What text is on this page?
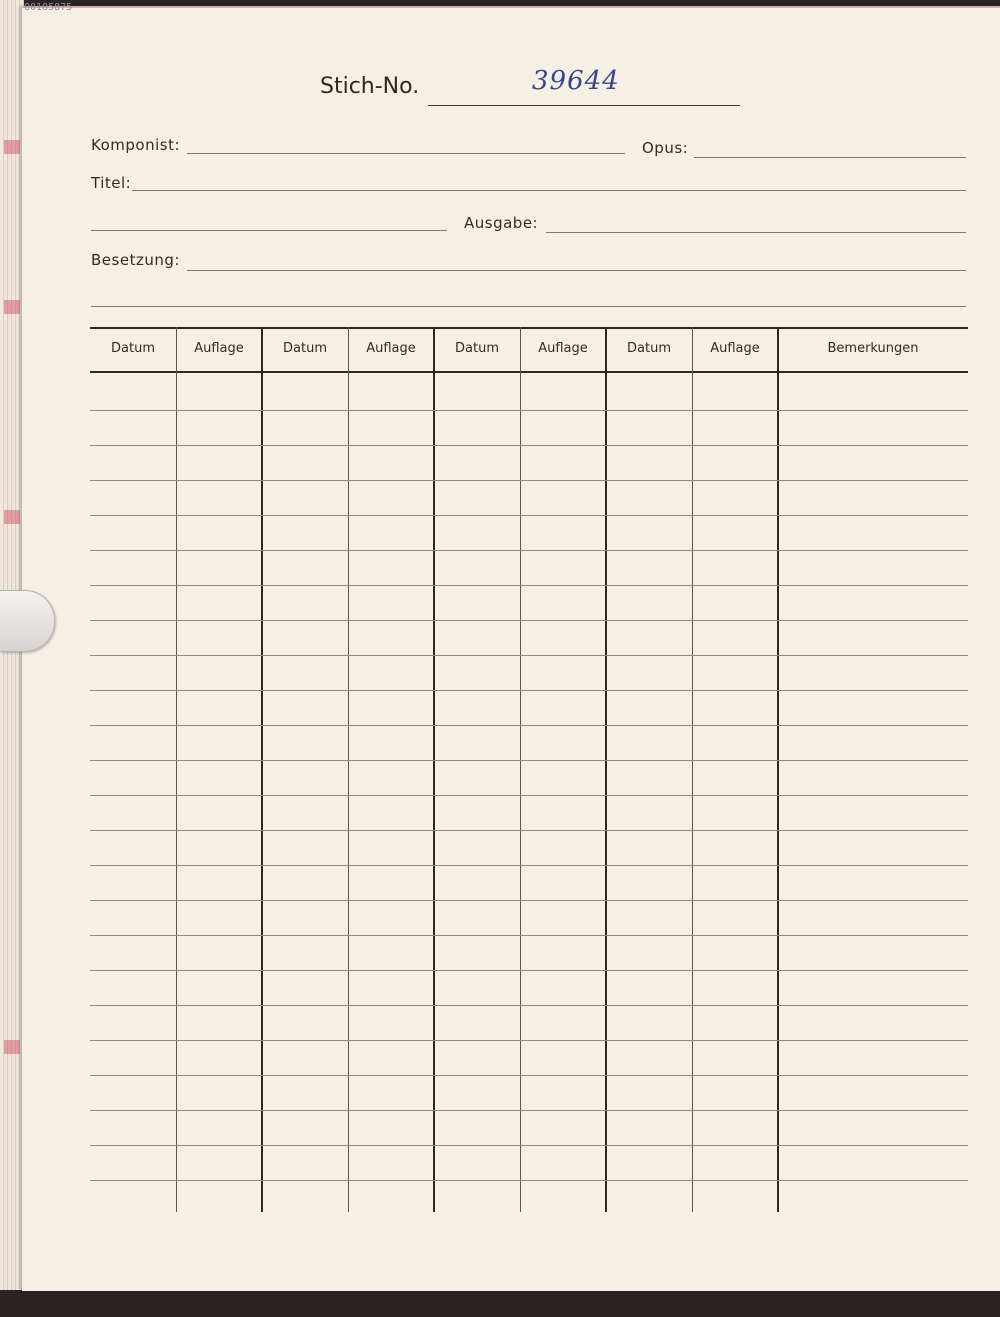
00105875
Stich-No.	39644
Komponist:	Opus:
Titel:
Ausgabe:
Besetzung:
Datum	Auflage	Datum	Auflage	Datum	Auflage	Datum	Auflage	Bemerkungen
